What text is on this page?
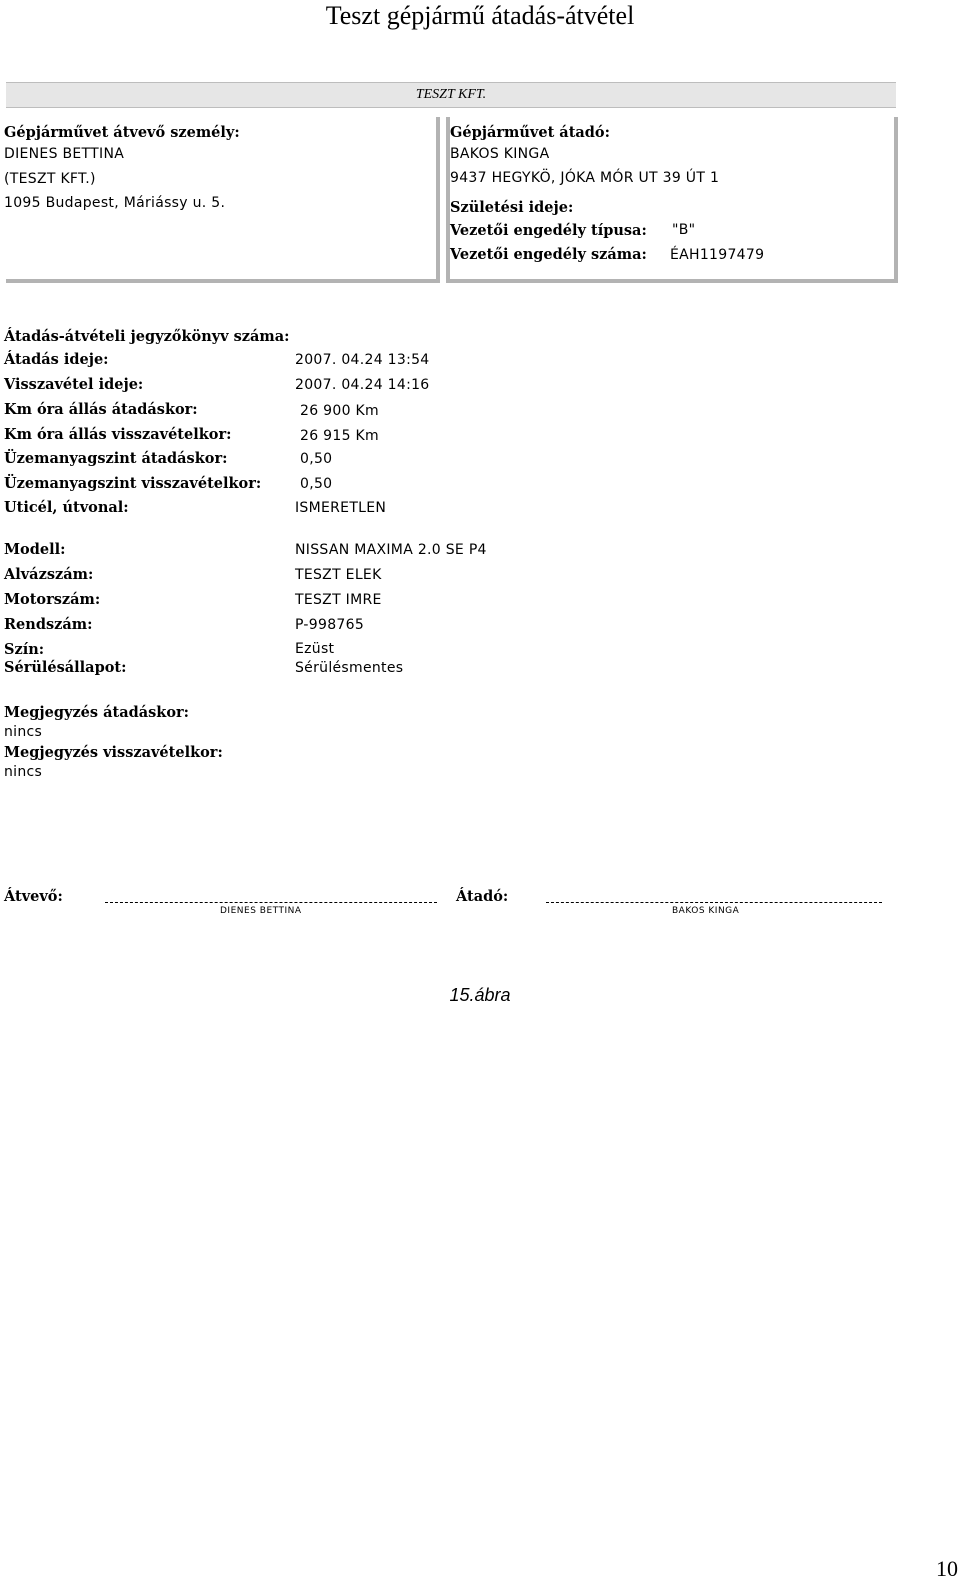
Teszt gépjármű átadás-átvétel
TESZT KFT.
Gépjárművet átvevő személy:
DIENES BETTINA
(TESZT KFT.)
1095 Budapest, Máriássy u. 5.
Gépjárművet átadó:
BAKOS KINGA
9437 HEGYKÖ, JÓKA MÓR UT 39 ÚT 1
Születési ideje:
Vezetői engedély típusa: "B"
Vezetői engedély száma: ÉAH1197479
Átadás-átvételi jegyzőkönyv száma:
Átadás ideje:	2007. 04.24 13:54
Visszavétel ideje:	2007. 04.24 14:16
Km óra állás átadáskor:	26 900 Km
Km óra állás visszavételkor:	26 915 Km
Üzemanyagszint átadáskor:	0,50
Üzemanyagszint visszavételkor:	0,50
Uticél, útvonal:	ISMERETLEN
Modell:	NISSAN MAXIMA 2.0 SE P4
Alvázszám:	TESZT ELEK
Motorszám:	TESZT IMRE
Rendszám:	P-998765
Szín:	Ezüst
Sérülésállapot:	Sérülésmentes
Megjegyzés átadáskor:
nincs
Megjegyzés visszavételkor:
nincs
Átvevő:
DIENES BETTINA
Átadó:
BAKOS KINGA
15.ábra
10
